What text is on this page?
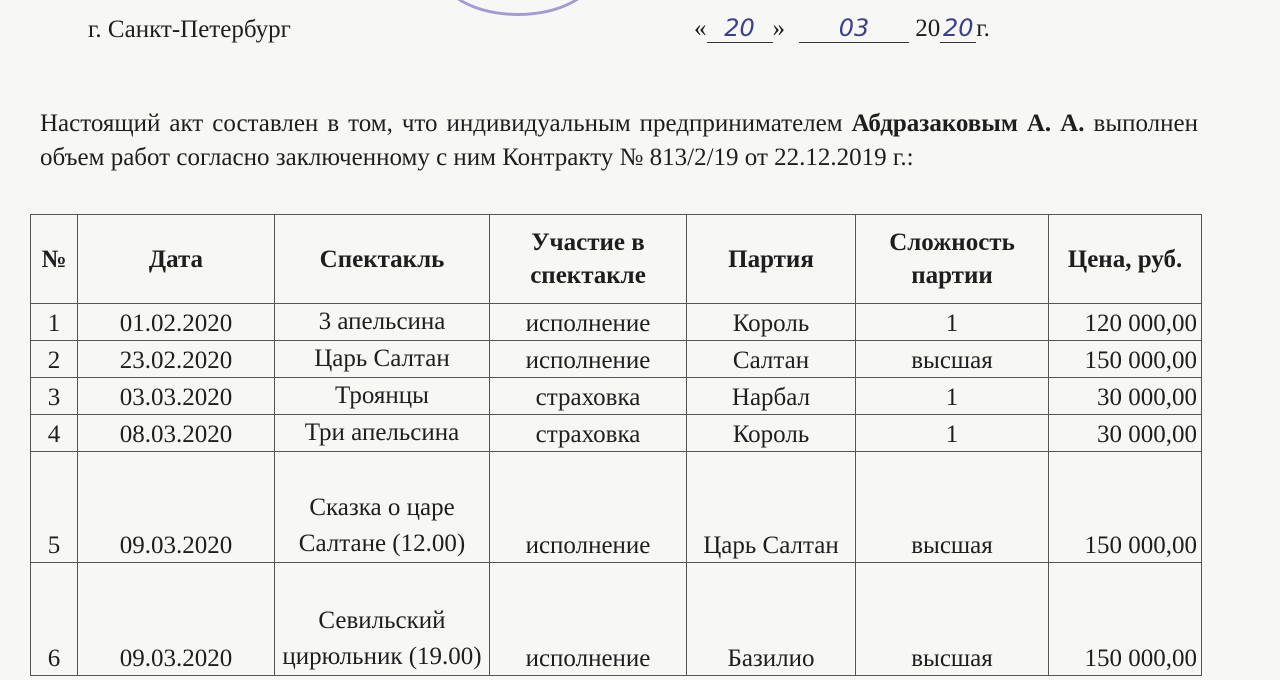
г. Санкт-Петербург	« 20 » 03 20 20 г.

Настоящий акт составлен в том, что индивидуальным предпринимателем Абдразаковым А. А. выполнен объем работ согласно заключенному с ним Контракту № 813/2/19 от 22.12.2019 г.:

№	Дата	Спектакль	Участие в спектакле	Партия	Сложность партии	Цена, руб.
1	01.02.2020	3 апельсина	исполнение	Король	1	120 000,00
2	23.02.2020	Царь Салтан	исполнение	Салтан	высшая	150 000,00
3	03.03.2020	Троянцы	страховка	Нарбал	1	30 000,00
4	08.03.2020	Три апельсина	страховка	Король	1	30 000,00
5	09.03.2020	Сказка о царе Салтане (12.00)	исполнение	Царь Салтан	высшая	150 000,00
6	09.03.2020	Севильский цирюльник (19.00)	исполнение	Базилио	высшая	150 000,00
